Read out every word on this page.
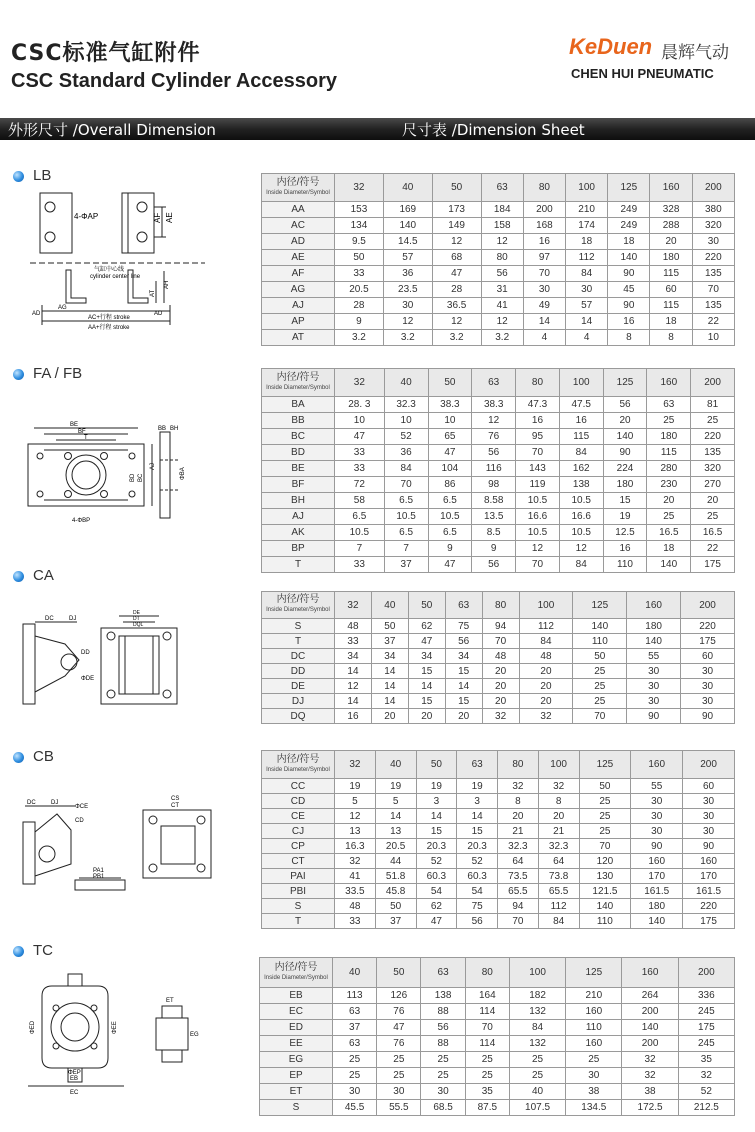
CSC标准气缸附件
CSC Standard Cylinder Accessory
KeDuen 晨辉气动
CHEN HUI PNEUMATIC
外形尺寸 /Overall Dimension	尺寸表 /Dimension Sheet
LB
FA / FB
CA
CB
TC
4-ΦAP	AF AE
气缸中心线
cylinder center line
AT
AH
AG
AD	AD
AC+行程 stroke
AA+行程 stroke
BE
BF
T
BB BH
BD BC
AJ
ΦBA
4-ΦBP
DC	DJ
DD
ΦDE
DE
DT
DQL
DC	DJ
ΦCE
CD
CS
CT
PA1
PB1
ΦED	ΦEE
ΦEP
EB
EC
ET
EG
内径/符号
Inside Diameter/Symbol	32	40	50	63	80	100	125	160	200
AA	153	169	173	184	200	210	249	328	380
AC	134	140	149	158	168	174	249	288	320
AD	9.5	14.5	12	12	16	18	18	20	30
AE	50	57	68	80	97	112	140	180	220
AF	33	36	47	56	70	84	90	115	135
AG	20.5	23.5	28	31	30	30	45	60	70
AJ	28	30	36.5	41	49	57	90	115	135
AP	9	12	12	12	14	14	16	18	22
AT	3.2	3.2	3.2	3.2	4	4	8	8	10
内径/符号
Inside Diameter/Symbol	32	40	50	63	80	100	125	160	200
BA	28. 3	32.3	38.3	38.3	47.3	47.5	56	63	81
BB	10	10	10	12	16	16	20	25	25
BC	47	52	65	76	95	115	140	180	220
BD	33	36	47	56	70	84	90	115	135
BE	33	84	104	116	143	162	224	280	320
BF	72	70	86	98	119	138	180	230	270
BH	58	6.5	6.5	8.58	10.5	10.5	15	20	20
AJ	6.5	10.5	10.5	13.5	16.6	16.6	19	25	25
AK	10.5	6.5	6.5	8.5	10.5	10.5	12.5	16.5	16.5
BP	7	7	9	9	12	12	16	18	22
T	33	37	47	56	70	84	110	140	175
内径/符号
Inside Diameter/Symbol	32	40	50	63	80	100	125	160	200
S	48	50	62	75	94	112	140	180	220
T	33	37	47	56	70	84	110	140	175
DC	34	34	34	34	48	48	50	55	60
DD	14	14	15	15	20	20	25	30	30
DE	12	14	14	14	20	20	25	30	30
DJ	14	14	15	15	20	20	25	30	30
DQ	16	20	20	20	32	32	70	90	90
内径/符号
Inside Diameter/Symbol	32	40	50	63	80	100	125	160	200
CC	19	19	19	19	32	32	50	55	60
CD	5	5	3	3	8	8	25	30	30
CE	12	14	14	14	20	20	25	30	30
CJ	13	13	15	15	21	21	25	30	30
CP	16.3	20.5	20.3	20.3	32.3	32.3	70	90	90
CT	32	44	52	52	64	64	120	160	160
PAI	41	51.8	60.3	60.3	73.5	73.8	130	170	170
PBI	33.5	45.8	54	54	65.5	65.5	121.5	161.5	161.5
S	48	50	62	75	94	112	140	180	220
T	33	37	47	56	70	84	110	140	175
内径/符号
Inside Diameter/Symbol	40	50	63	80	100	125	160	200
EB	113	126	138	164	182	210	264	336
EC	63	76	88	114	132	160	200	245
ED	37	47	56	70	84	110	140	175
EE	63	76	88	114	132	160	200	245
EG	25	25	25	25	25	25	32	35
EP	25	25	25	25	25	30	32	32
ET	30	30	30	35	40	38	38	52
S	45.5	55.5	68.5	87.5	107.5	134.5	172.5	212.5
